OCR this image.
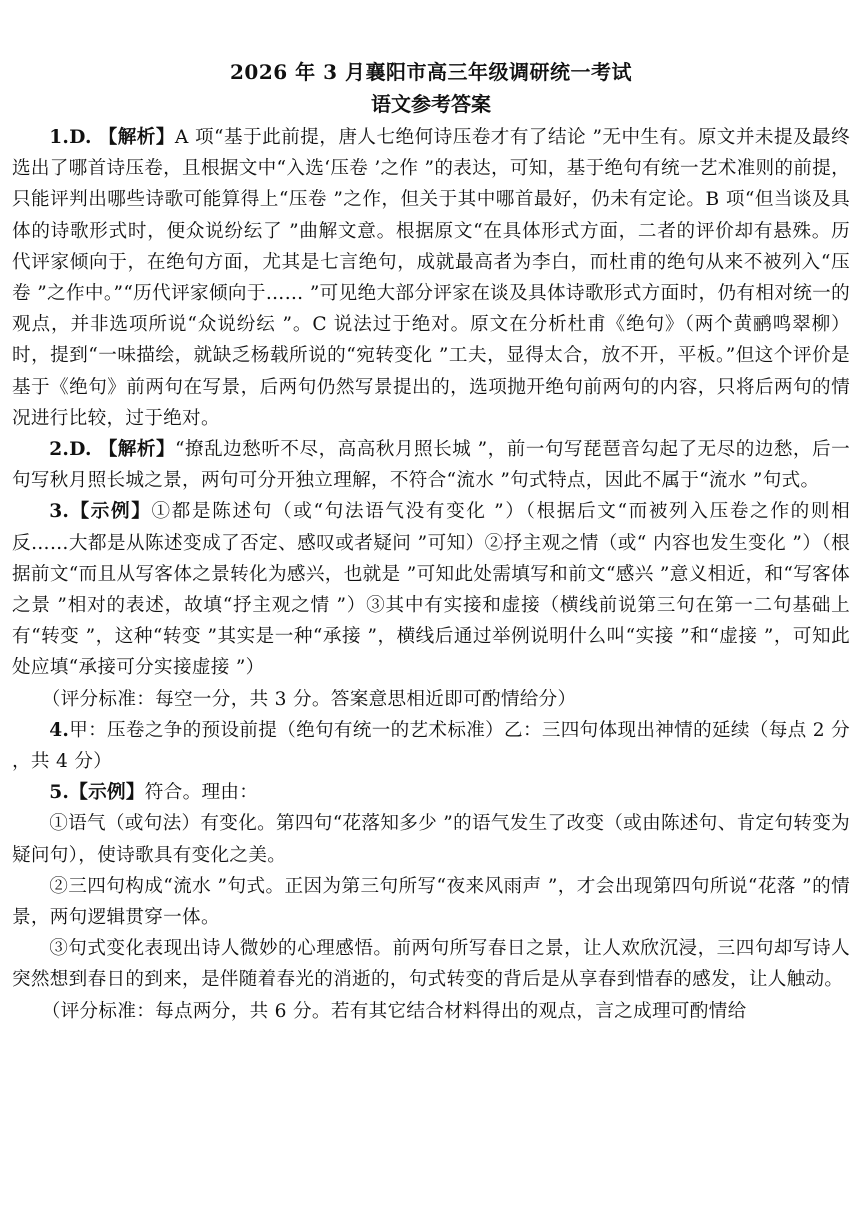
2026 年 3 月襄阳市高三年级调研统一考试

语文参考答案

1.D. 【解析】A 项“基于此前提，唐人七绝何诗压卷才有了结论 ”无中生有。原文并未提及最终选出了哪首诗压卷，且根据文中“入选‘压卷 ’之作 ”的表达，可知，基于绝句有统一艺术准则的前提，只能评判出哪些诗歌可能算得上“压卷 ”之作，但关于其中哪首最好，仍未有定论。B 项“但当谈及具体的诗歌形式时，便众说纷纭了 ”曲解文意。根据原文“在具体形式方面，二者的评价却有悬殊。历代评家倾向于，在绝句方面，尤其是七言绝句，成就最高者为李白，而杜甫的绝句从来不被列入“压卷 ”之作中。”“历代评家倾向于…… ”可见绝大部分评家在谈及具体诗歌形式方面时，仍有相对统一的观点，并非选项所说“众说纷纭 ”。C 说法过于绝对。原文在分析杜甫《绝句》（两个黄鹂鸣翠柳）时，提到“一味描绘，就缺乏杨载所说的“宛转变化 ”工夫，显得太合，放不开，平板。”但这个评价是基于《绝句》前两句在写景，后两句仍然写景提出的，选项抛开绝句前两句的内容，只将后两句的情况进行比较，过于绝对。

2.D. 【解析】“撩乱边愁听不尽，高高秋月照长城 ”，前一句写琵琶音勾起了无尽的边愁，后一句写秋月照长城之景，两句可分开独立理解，不符合“流水 ”句式特点，因此不属于“流水 ”句式。

3.【示例】①都是陈述句（或“句法语气没有变化 ”）（根据后文“而被列入压卷之作的则相反……大都是从陈述变成了否定、感叹或者疑问 ”可知）②抒主观之情（或“ 内容也发生变化 ”）（根据前文“而且从写客体之景转化为感兴，也就是 ”可知此处需填写和前文“感兴 ”意义相近，和“写客体之景 ”相对的表述，故填“抒主观之情 ”）③其中有实接和虚接（横线前说第三句在第一二句基础上有“转变 ”，这种“转变 ”其实是一种“承接 ”，横线后通过举例说明什么叫“实接 ”和“虚接 ”，可知此处应填“承接可分实接虚接 ”）

（评分标准：每空一分，共 3 分。答案意思相近即可酌情给分）

4.甲：压卷之争的预设前提（绝句有统一的艺术标准）乙：三四句体现出神情的延续（每点 2 分 ，共 4 分）

5.【示例】符合。理由：

①语气（或句法）有变化。第四句“花落知多少 ”的语气发生了改变（或由陈述句、肯定句转变为疑问句），使诗歌具有变化之美。

②三四句构成“流水 ”句式。正因为第三句所写“夜来风雨声 ”，才会出现第四句所说“花落 ”的情景，两句逻辑贯穿一体。

③句式变化表现出诗人微妙的心理感悟。前两句所写春日之景，让人欢欣沉浸，三四句却写诗人突然想到春日的到来，是伴随着春光的消逝的，句式转变的背后是从享春到惜春的感发，让人触动。

（评分标准：每点两分，共 6 分。若有其它结合材料得出的观点，言之成理可酌情给
